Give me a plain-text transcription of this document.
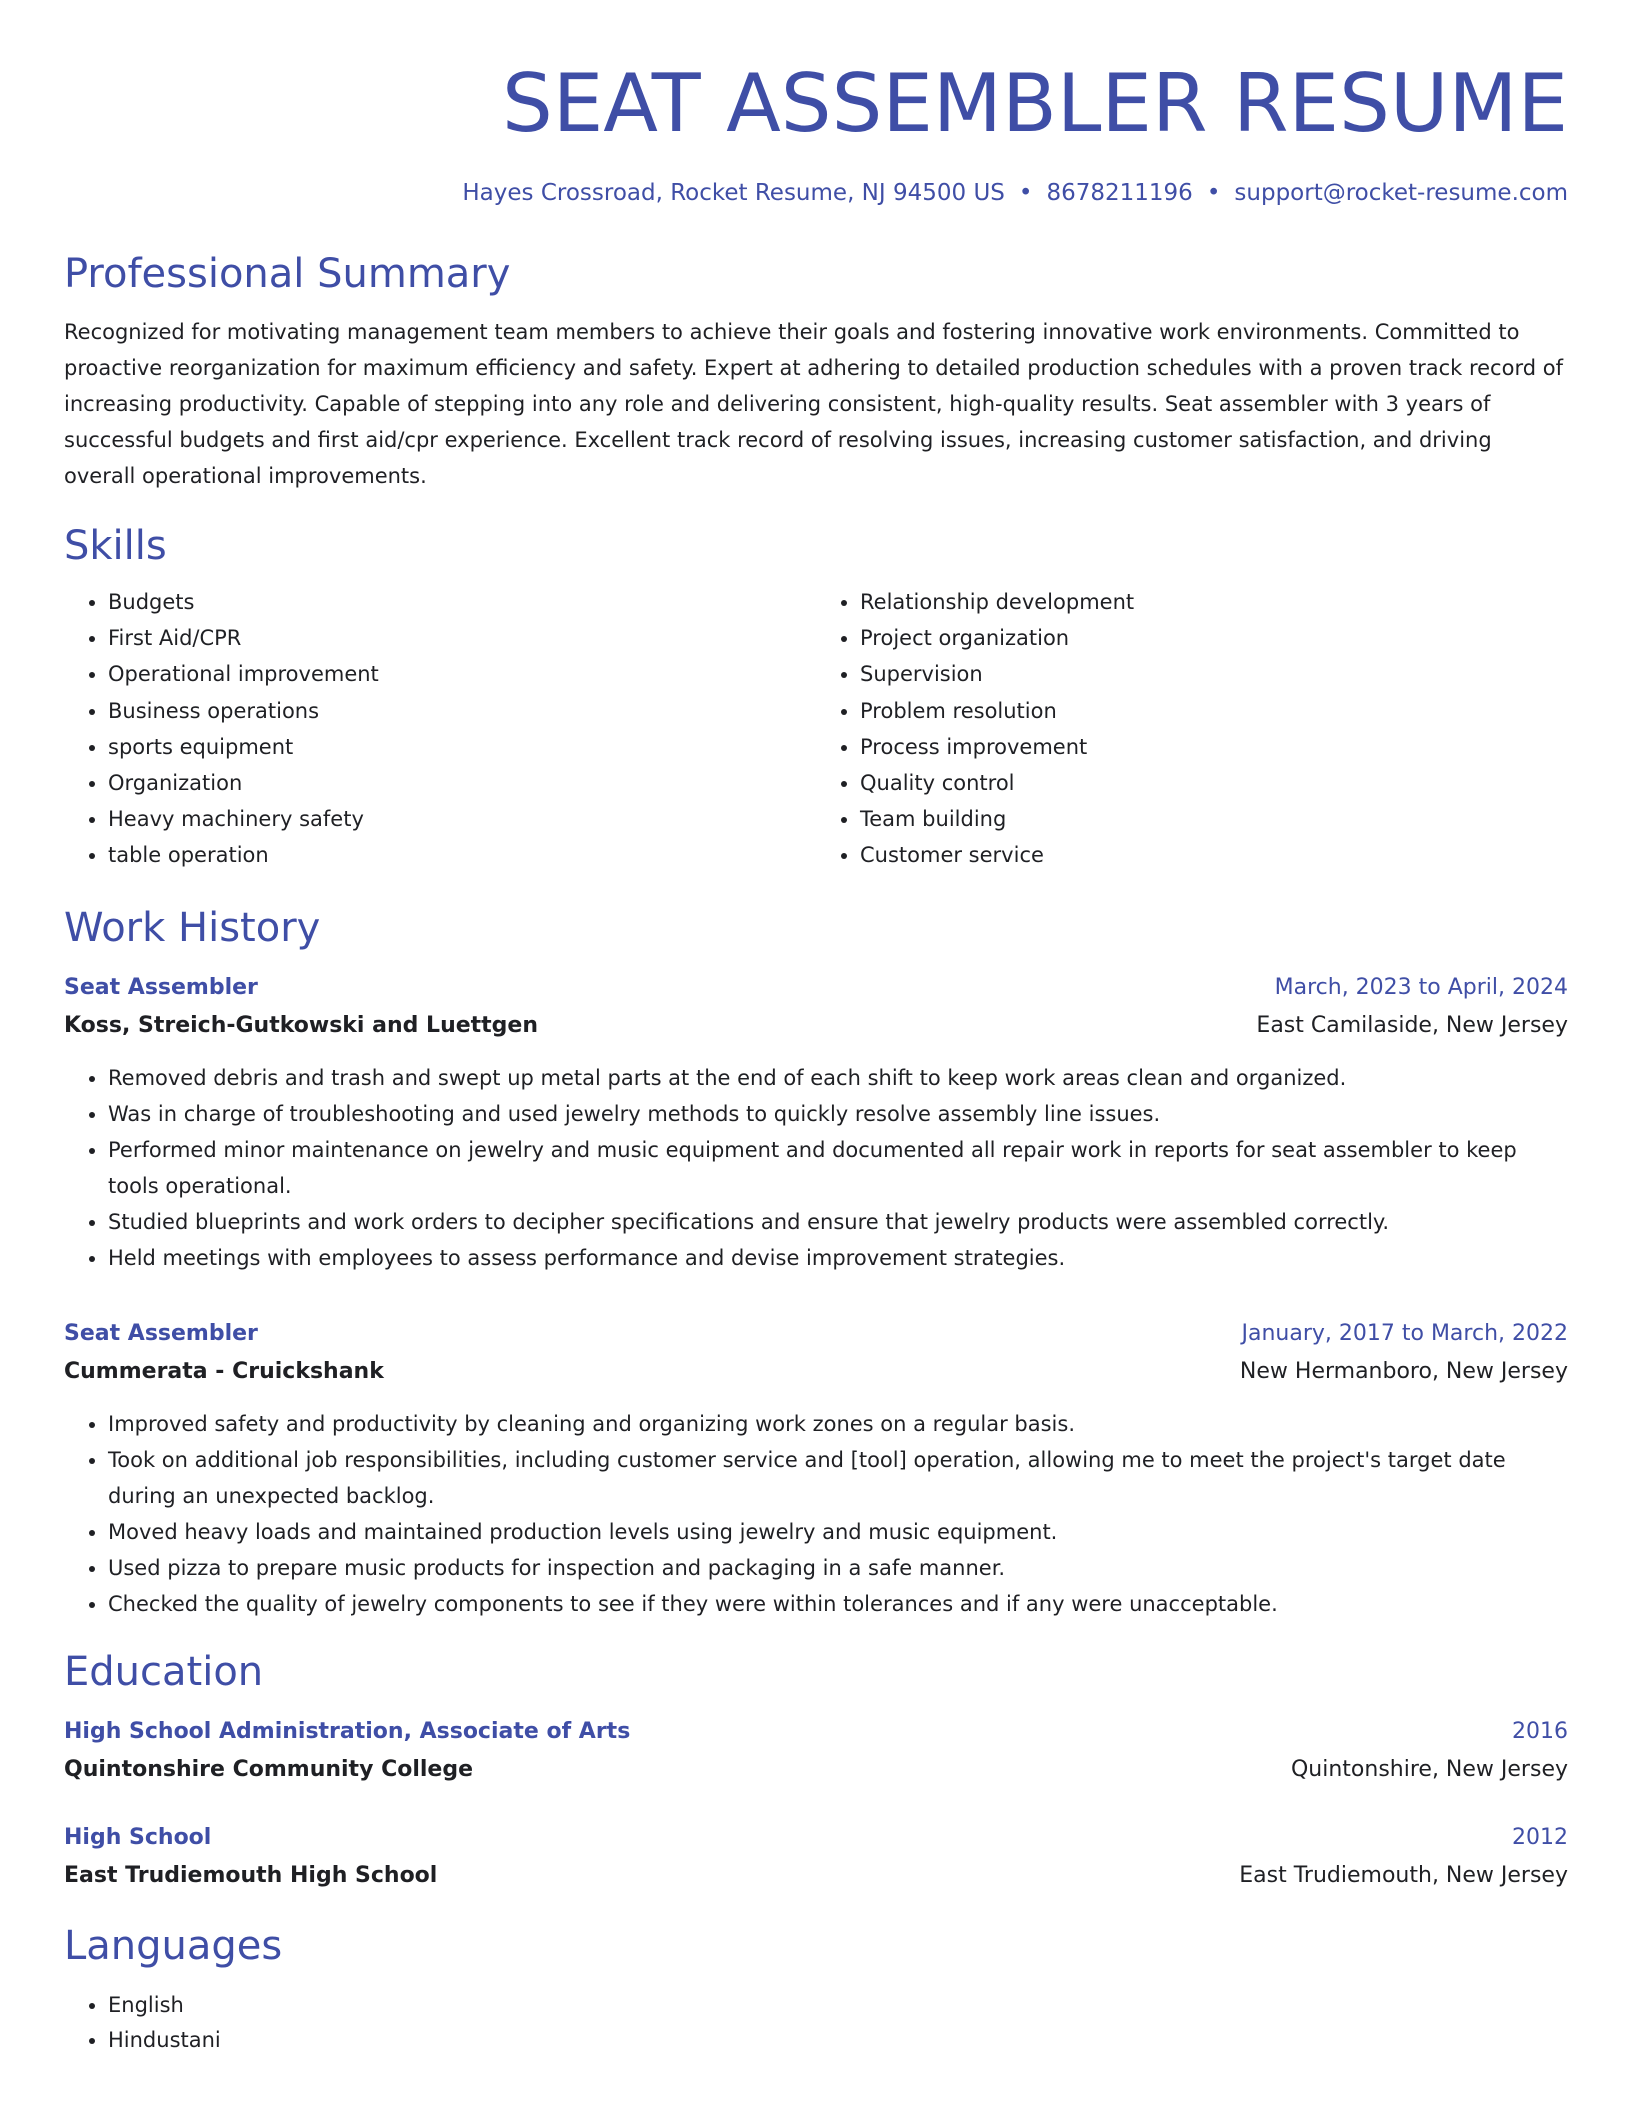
SEAT ASSEMBLER RESUME
Hayes Crossroad, Rocket Resume, NJ 94500 US • 8678211196 • support@rocket-resume.com
Professional Summary
Recognized for motivating management team members to achieve their goals and fostering innovative work environments. Committed to proactive reorganization for maximum efficiency and safety. Expert at adhering to detailed production schedules with a proven track record of increasing productivity. Capable of stepping into any role and delivering consistent, high-quality results. Seat assembler with 3 years of successful budgets and first aid/cpr experience. Excellent track record of resolving issues, increasing customer satisfaction, and driving overall operational improvements.
Skills
• Budgets
• First Aid/CPR
• Operational improvement
• Business operations
• sports equipment
• Organization
• Heavy machinery safety
• table operation
• Relationship development
• Project organization
• Supervision
• Problem resolution
• Process improvement
• Quality control
• Team building
• Customer service
Work History
Seat Assembler	March, 2023 to April, 2024
Koss, Streich-Gutkowski and Luettgen	East Camilaside, New Jersey
• Removed debris and trash and swept up metal parts at the end of each shift to keep work areas clean and organized.
• Was in charge of troubleshooting and used jewelry methods to quickly resolve assembly line issues.
• Performed minor maintenance on jewelry and music equipment and documented all repair work in reports for seat assembler to keep tools operational.
• Studied blueprints and work orders to decipher specifications and ensure that jewelry products were assembled correctly.
• Held meetings with employees to assess performance and devise improvement strategies.
Seat Assembler	January, 2017 to March, 2022
Cummerata - Cruickshank	New Hermanboro, New Jersey
• Improved safety and productivity by cleaning and organizing work zones on a regular basis.
• Took on additional job responsibilities, including customer service and [tool] operation, allowing me to meet the project's target date during an unexpected backlog.
• Moved heavy loads and maintained production levels using jewelry and music equipment.
• Used pizza to prepare music products for inspection and packaging in a safe manner.
• Checked the quality of jewelry components to see if they were within tolerances and if any were unacceptable.
Education
High School Administration, Associate of Arts	2016
Quintonshire Community College	Quintonshire, New Jersey
High School	2012
East Trudiemouth High School	East Trudiemouth, New Jersey
Languages
• English
• Hindustani
